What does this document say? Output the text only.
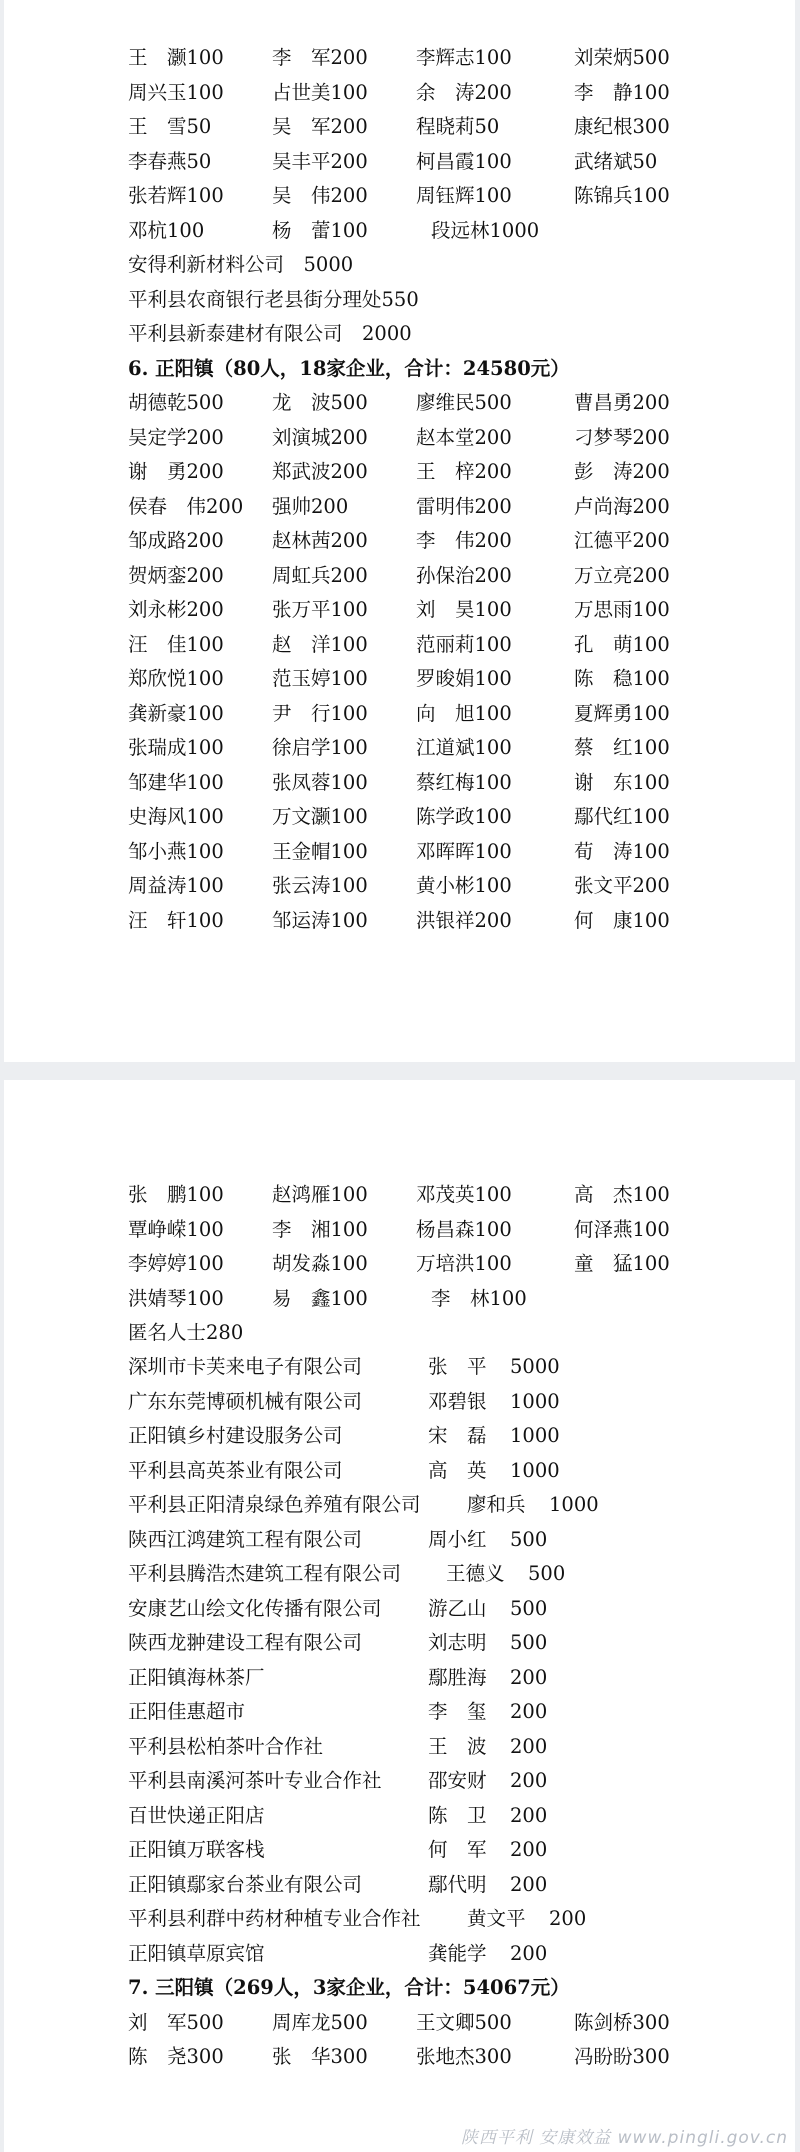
王　灏100 李　军200 李辉志100	刘荣炳500
周兴玉100 占世美100 余　涛200	李　静100
王　雪50	吴　军200 程晓莉50	康纪根300
李春燕50	吴丰平200 柯昌霞100	武绪斌50
张若辉100 吴　伟200 周钰辉100	陈锦兵100
邓杭100	杨　蕾100	段远林1000
安得利新材料公司　5000
平利县农商银行老县街分理处550
平利县新泰建材有限公司　2000
6. 正阳镇（80人，18家企业，合计：24580元）
胡德乾500 龙　波500 廖维民500	曹昌勇200
吴定学200 刘演城200 赵本堂200	刁梦琴200
谢　勇200 郑武波200 王　梓200	彭　涛200
侯春　伟200 强帅200	雷明伟200	卢尚海200
邹成路200 赵林茜200 李　伟200	江德平200
贺炳銮200 周虹兵200 孙保治200	万立亮200
刘永彬200 张万平100 刘　昊100	万思雨100
汪　佳100 赵　洋100 范丽莉100	孔　萌100
郑欣悦100 范玉婷100 罗晙娟100	陈　稳100
龚新豪100 尹　行100 向　旭100	夏辉勇100
张瑞成100 徐启学100 江道斌100	蔡　红100
邹建华100 张凤蓉100 蔡红梅100	谢　东100
史海风100 万文灏100 陈学政100	鄢代红100
邹小燕100 王金帽100 邓晖晖100	荀　涛100
周益涛100 张云涛100 黄小彬100	张文平200
汪　轩100 邹运涛100 洪银祥200	何　康100
张　鹏100 赵鸿雁100 邓茂英100	高　杰100
覃峥嵘100 李　湘100 杨昌森100	何泽燕100
李婷婷100 胡发淼100 万培洪100	童　猛100
洪婧琴100 易　鑫100	李　林100
匿名人士280
深圳市卡芙来电子有限公司	张　平 5000
广东东莞博硕机械有限公司	邓碧银 1000
正阳镇乡村建设服务公司	宋　磊 1000
平利县高英茶业有限公司	高　英 1000
平利县正阳清泉绿色养殖有限公司 廖和兵 1000
陕西江鸿建筑工程有限公司	周小红 500
平利县腾浩杰建筑工程有限公司 王德义 500
安康艺山绘文化传播有限公司 游乙山 500
陕西龙翀建设工程有限公司	刘志明 500
正阳镇海林茶厂	鄢胜海 200
正阳佳惠超市	李　玺 200
平利县松柏茶叶合作社	王　波 200
平利县南溪河茶叶专业合作社 邵安财 200
百世快递正阳店	陈　卫 200
正阳镇万联客栈	何　军 200
正阳镇鄢家台茶业有限公司	鄢代明 200
平利县利群中药材种植专业合作社 黄文平 200
正阳镇草原宾馆	龚能学 200
7. 三阳镇（269人，3家企业，合计：54067元）
刘　军500 周库龙500 王文卿500	陈剑桥300
陈　尧300 张　华300 张地杰300	冯盼盼300
陕西平利 安康效益 www.pingli.gov.cn
